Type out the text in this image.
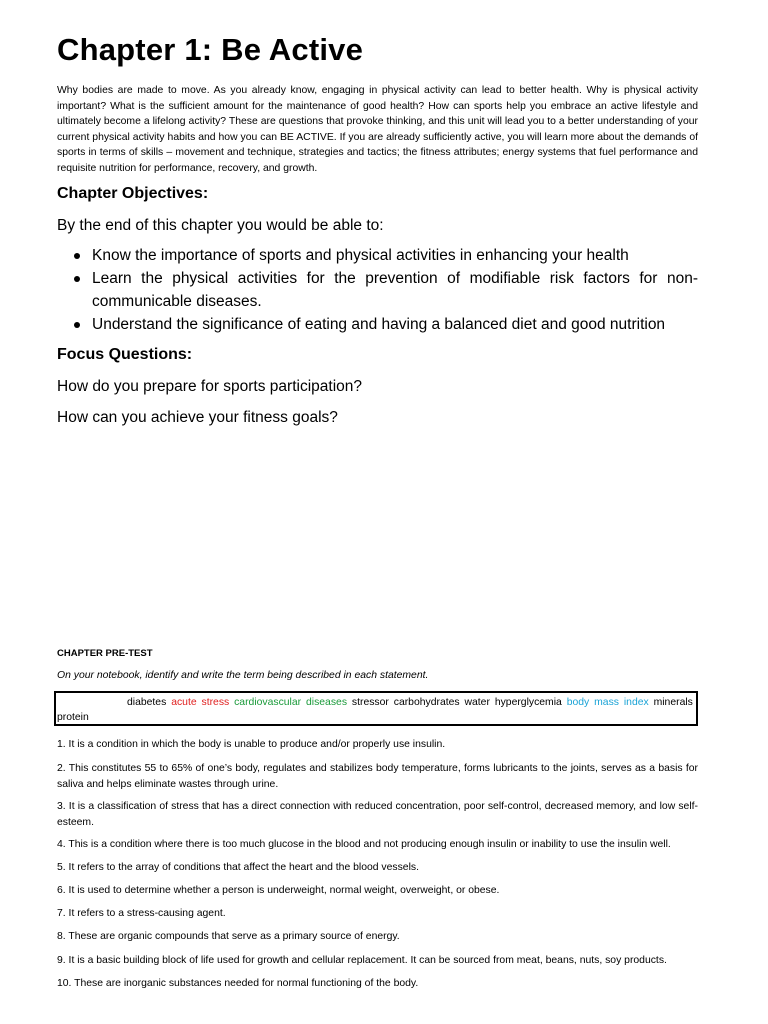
Chapter 1: Be Active

Why bodies are made to move. As you already know, engaging in physical activity can lead to better health. Why is physical activity important? What is the sufficient amount for the maintenance of good health? How can sports help you embrace an active lifestyle and ultimately become a lifelong activity? These are questions that provoke thinking, and this unit will lead you to a better understanding of your current physical activity habits and how you can BE ACTIVE. If you are already sufficiently active, you will learn more about the demands of sports in terms of skills – movement and technique, strategies and tactics; the fitness attributes; energy systems that fuel performance and requisite nutrition for performance, recovery, and growth.

Chapter Objectives:

By the end of this chapter you would be able to:

Know the importance of sports and physical activities in enhancing your health
Learn the physical activities for the prevention of modifiable risk factors for non-communicable diseases.
Understand the significance of eating and having a balanced diet and good nutrition

Focus Questions:

How do you prepare for sports participation?

How can you achieve your fitness goals?

CHAPTER PRE-TEST

On your notebook, identify and write the term being described in each statement.

diabetes acute stress cardiovascular diseases stressor carbohydrates water hyperglycemia body mass index minerals
protein

1. It is a condition in which the body is unable to produce and/or properly use insulin.

2. This constitutes 55 to 65% of one’s body, regulates and stabilizes body temperature, forms lubricants to the joints, serves as a basis for saliva and helps eliminate wastes through urine.

3. It is a classification of stress that has a direct connection with reduced concentration, poor self-control, decreased memory, and low self-esteem.

4. This is a condition where there is too much glucose in the blood and not producing enough insulin or inability to use the insulin well.

5. It refers to the array of conditions that affect the heart and the blood vessels.

6. It is used to determine whether a person is underweight, normal weight, overweight, or obese.

7. It refers to a stress-causing agent.

8. These are organic compounds that serve as a primary source of energy.

9. It is a basic building block of life used for growth and cellular replacement. It can be sourced from meat, beans, nuts, soy products.

10. These are inorganic substances needed for normal functioning of the body.
